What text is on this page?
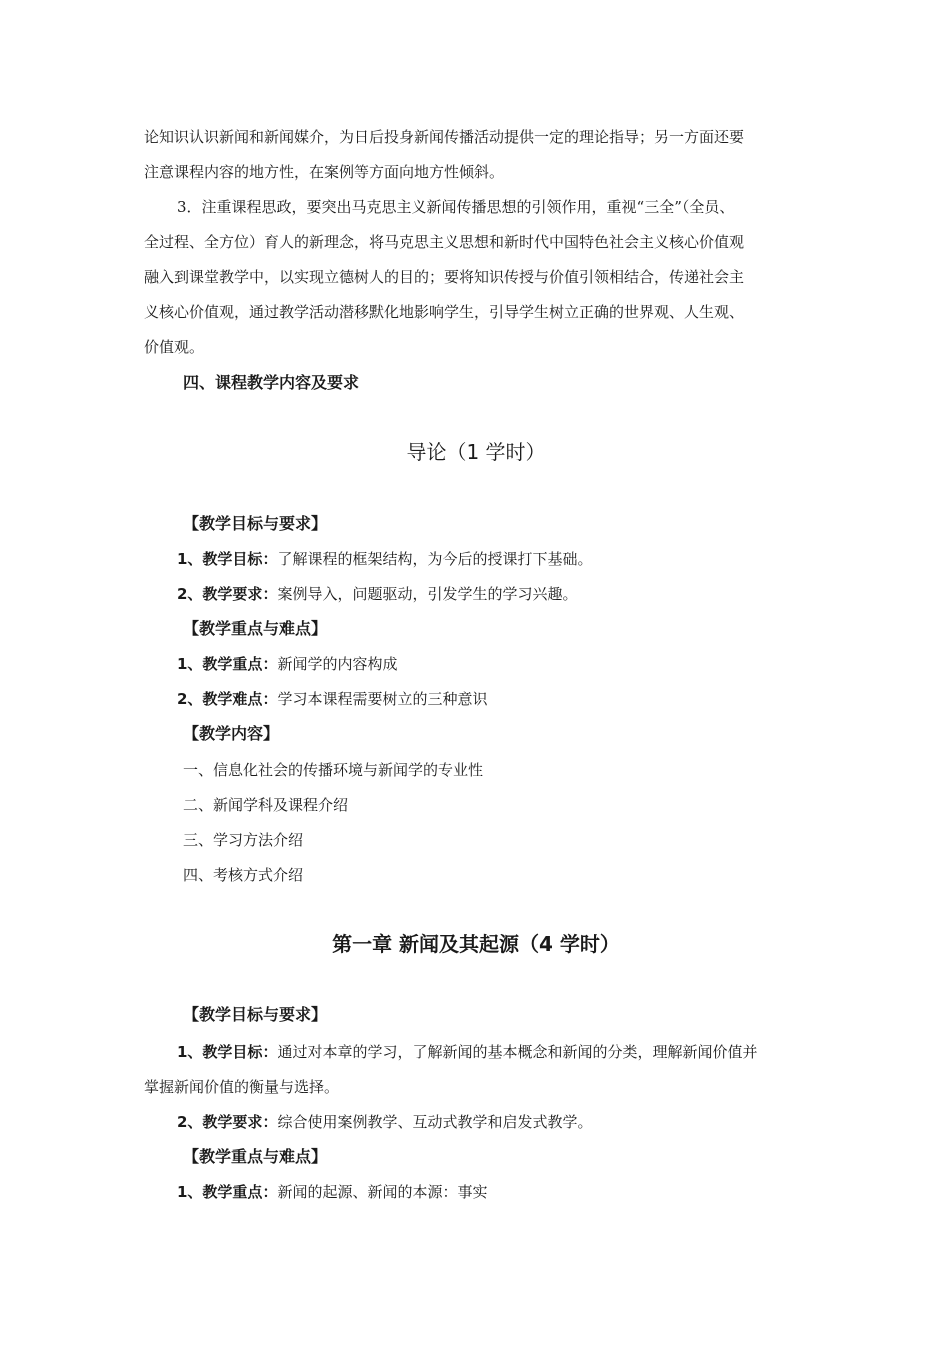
论知识认识新闻和新闻媒介，为日后投身新闻传播活动提供一定的理论指导；另一方面还要
注意课程内容的地方性，在案例等方面向地方性倾斜。
3．注重课程思政，要突出马克思主义新闻传播思想的引领作用，重视“三全”（全员、
全过程、全方位）育人的新理念，将马克思主义思想和新时代中国特色社会主义核心价值观
融入到课堂教学中，以实现立德树人的目的；要将知识传授与价值引领相结合，传递社会主
义核心价值观，通过教学活动潜移默化地影响学生，引导学生树立正确的世界观、人生观、
价值观。
四、课程教学内容及要求
导论（1 学时）
【教学目标与要求】
1、教学目标：了解课程的框架结构，为今后的授课打下基础。
2、教学要求：案例导入，问题驱动，引发学生的学习兴趣。
【教学重点与难点】
1、教学重点：新闻学的内容构成
2、教学难点：学习本课程需要树立的三种意识
【教学内容】
一、信息化社会的传播环境与新闻学的专业性
二、新闻学科及课程介绍
三、学习方法介绍
四、考核方式介绍
第一章 新闻及其起源（4 学时）
【教学目标与要求】
1、教学目标：通过对本章的学习，了解新闻的基本概念和新闻的分类，理解新闻价值并
掌握新闻价值的衡量与选择。
2、教学要求：综合使用案例教学、互动式教学和启发式教学。
【教学重点与难点】
1、教学重点：新闻的起源、新闻的本源：事实
